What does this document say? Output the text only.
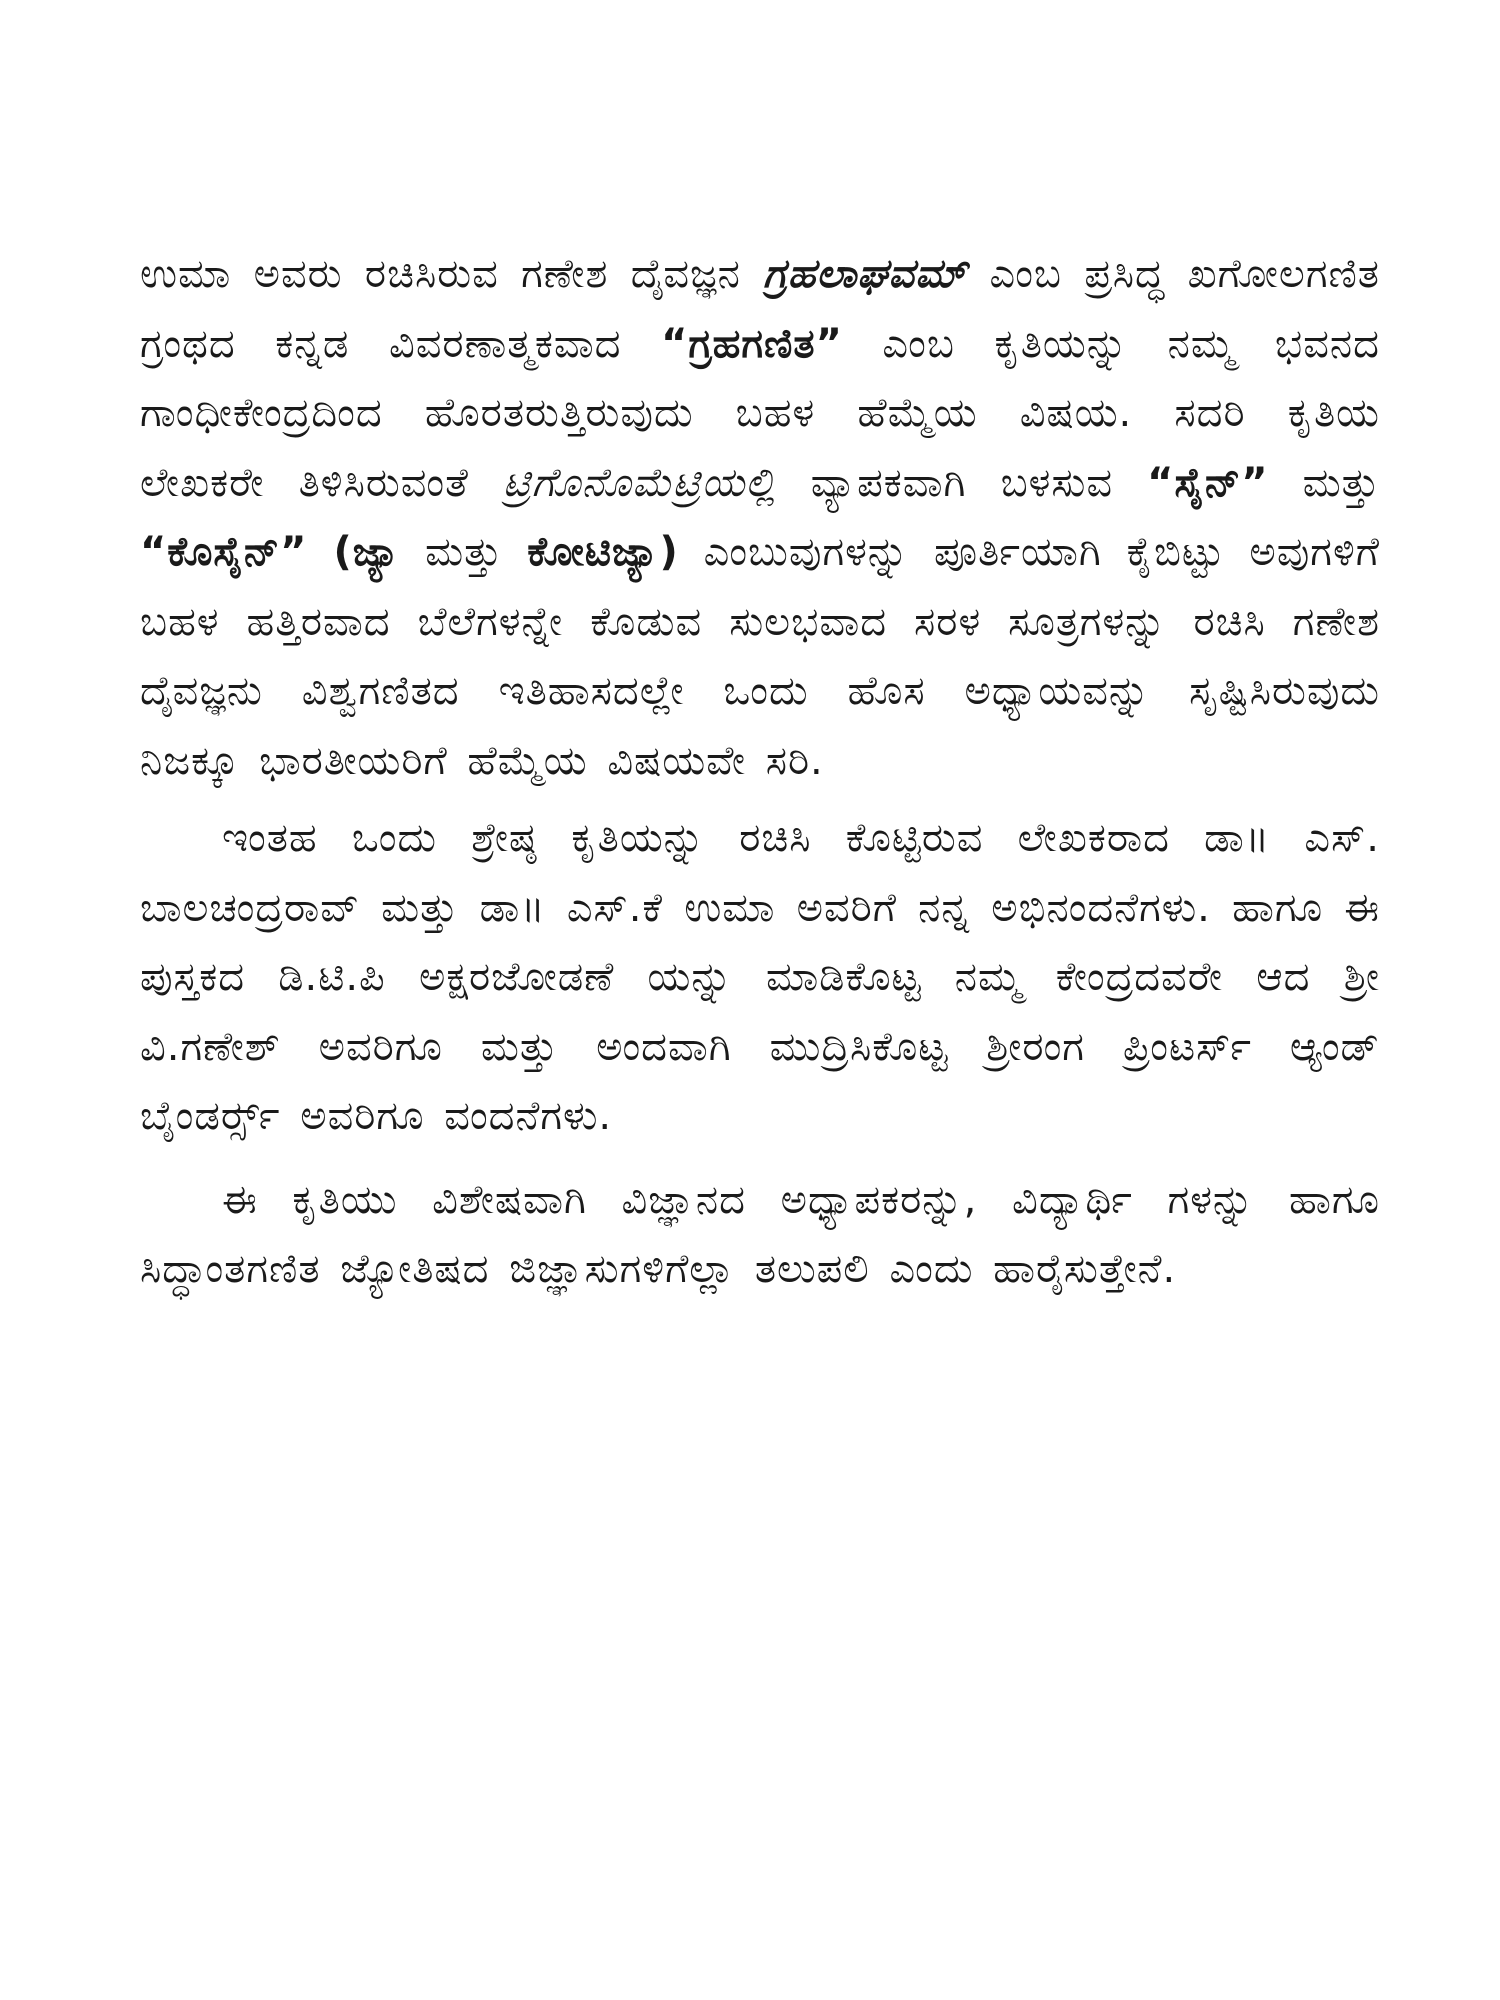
ಉಮಾ ಅವರು ರಚಿಸಿರುವ ಗಣೇಶ ದೈವಜ್ಞನ ಗ್ರಹಲಾಘವಮ್ ಎಂಬ ಪ್ರಸಿದ್ಧ ಖಗೋಲಗಣಿತ ಗ್ರಂಥದ ಕನ್ನಡ ವಿವರಣಾತ್ಮಕವಾದ “ಗ್ರಹಗಣಿತ” ಎಂಬ ಕೃತಿಯನ್ನು ನಮ್ಮ ಭವನದ ಗಾಂಧೀಕೇಂದ್ರದಿಂದ ಹೊರತರುತ್ತಿರುವುದು ಬಹಳ ಹೆಮ್ಮೆಯ ವಿಷಯ. ಸದರಿ ಕೃತಿಯ ಲೇಖಕರೇ ತಿಳಿಸಿರುವಂತೆ ಟ್ರಿಗೊನೊಮೆಟ್ರಿಯಲ್ಲಿ ವ್ಯಾಪಕವಾಗಿ ಬಳಸುವ “ಸೈನ್” ಮತ್ತು “ಕೊಸೈನ್” (ಜ್ಯಾ ಮತ್ತು ಕೋಟಿಜ್ಯಾ) ಎಂಬುವುಗಳನ್ನು ಪೂರ್ತಿಯಾಗಿ ಕೈಬಿಟ್ಟು ಅವುಗಳಿಗೆ ಬಹಳ ಹತ್ತಿರವಾದ ಬೆಲೆಗಳನ್ನೇ ಕೊಡುವ ಸುಲಭವಾದ ಸರಳ ಸೂತ್ರಗಳನ್ನು ರಚಿಸಿ ಗಣೇಶ ದೈವಜ್ಞನು ವಿಶ್ವಗಣಿತದ ಇತಿಹಾಸದಲ್ಲೇ ಒಂದು ಹೊಸ ಅಧ್ಯಾಯವನ್ನು ಸೃಷ್ಟಿಸಿರುವುದು ನಿಜಕ್ಕೂ ಭಾರತೀಯರಿಗೆ ಹೆಮ್ಮೆಯ ವಿಷಯವೇ ಸರಿ.

ಇಂತಹ ಒಂದು ಶ್ರೇಷ್ಠ ಕೃತಿಯನ್ನು ರಚಿಸಿ ಕೊಟ್ಟಿರುವ ಲೇಖಕರಾದ ಡಾ॥ ಎಸ್. ಬಾಲಚಂದ್ರರಾವ್ ಮತ್ತು ಡಾ॥ ಎಸ್.ಕೆ ಉಮಾ ಅವರಿಗೆ ನನ್ನ ಅಭಿನಂದನೆಗಳು. ಹಾಗೂ ಈ ಪುಸ್ತಕದ ಡಿ.ಟಿ.ಪಿ ಅಕ್ಷರಜೋಡಣೆ ಯನ್ನು ಮಾಡಿಕೊಟ್ಟ ನಮ್ಮ ಕೇಂದ್ರದವರೇ ಆದ ಶ್ರೀ ವಿ.ಗಣೇಶ್ ಅವರಿಗೂ ಮತ್ತು ಅಂದವಾಗಿ ಮುದ್ರಿಸಿಕೊಟ್ಟ ಶ್ರೀರಂಗ ಪ್ರಿಂಟರ್ಸ್ ಆ್ಯಂಡ್ ಬೈಂಡರ್ರ್ಸ್ ಅವರಿಗೂ ವಂದನೆಗಳು.

ಈ ಕೃತಿಯು ವಿಶೇಷವಾಗಿ ವಿಜ್ಞಾನದ ಅಧ್ಯಾಪಕರನ್ನು, ವಿದ್ಯಾರ್ಥಿ ಗಳನ್ನು ಹಾಗೂ ಸಿದ್ಧಾಂತಗಣಿತ ಜ್ಯೋತಿಷದ ಜಿಜ್ಞಾಸುಗಳಿಗೆಲ್ಲಾ ತಲುಪಲಿ ಎಂದು ಹಾರೈಸುತ್ತೇನೆ.
